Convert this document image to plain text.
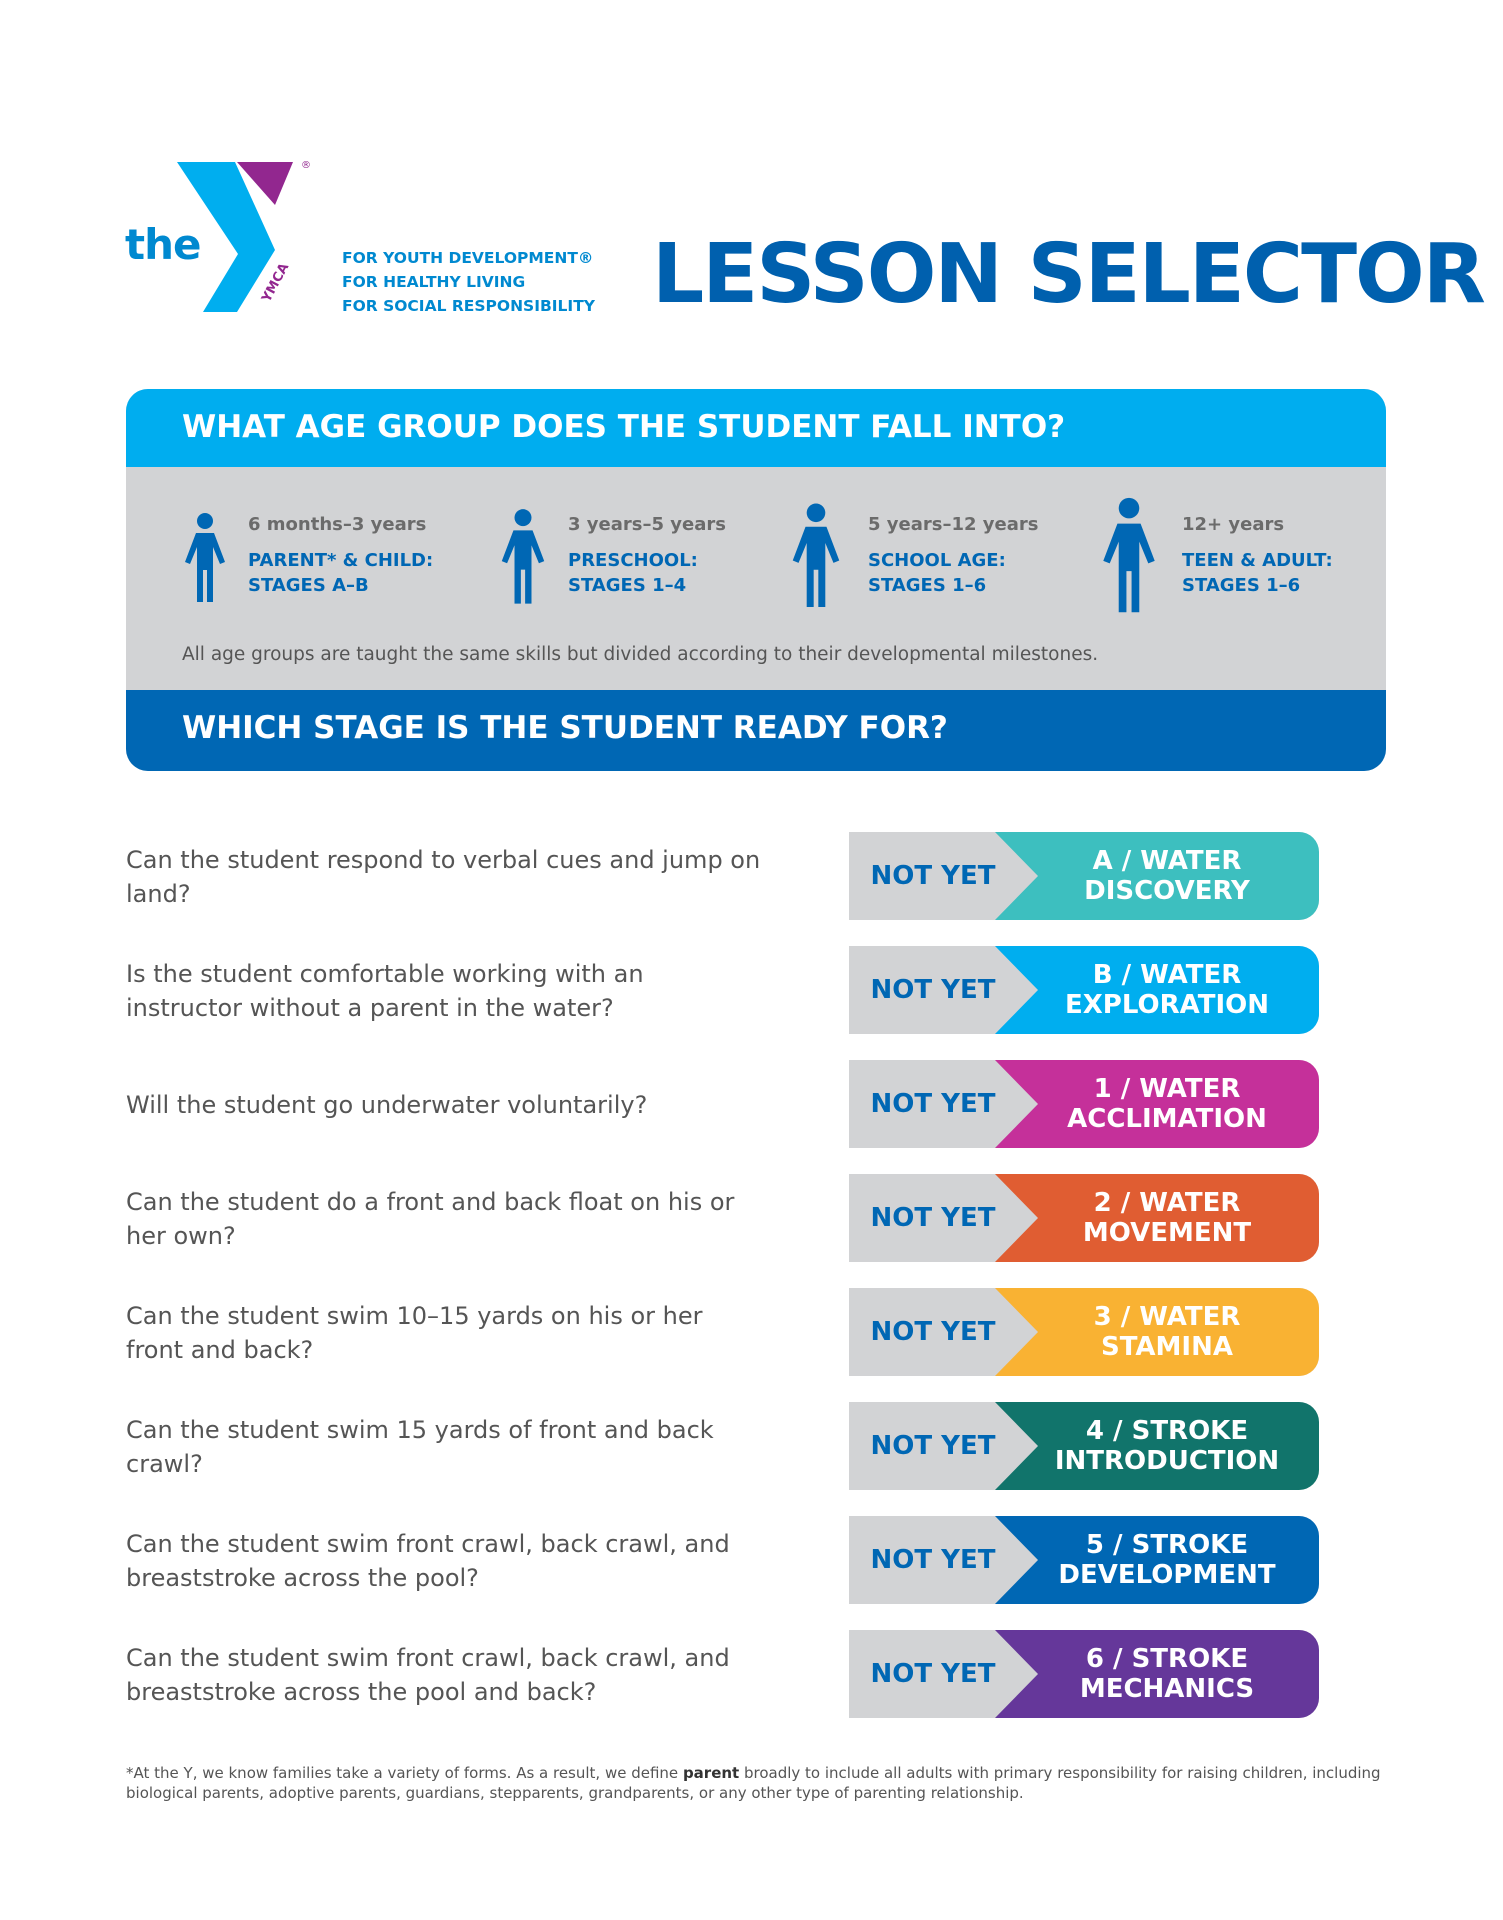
the
®
YMCA
FOR YOUTH DEVELOPMENT®
FOR HEALTHY LIVING
FOR SOCIAL RESPONSIBILITY LESSON SELECTOR
WHAT AGE GROUP DOES THE STUDENT FALL INTO?
6 months–3 years
PARENT* & CHILD:
STAGES A–B
3 years–5 years
PRESCHOOL:
STAGES 1–4
5 years–12 years
SCHOOL AGE:
STAGES 1–6
12+ years
TEEN & ADULT:
STAGES 1–6
All age groups are taught the same skills but divided according to their developmental milestones.
WHICH STAGE IS THE STUDENT READY FOR?
Can the student respond to verbal cues and jump on land?
NOT YET	A / WATER
DISCOVERY
Is the student comfortable working with an instructor without a parent in the water?
NOT YET	B / WATER
EXPLORATION
Will the student go underwater voluntarily?	NOT YET	1 / WATER
ACCLIMATION
Can the student do a front and back float on his or her own?
NOT YET	2 / WATER
MOVEMENT
Can the student swim 10–15 yards on his or her front and back?
NOT YET	3 / WATER
STAMINA
Can the student swim 15 yards of front and back crawl?
NOT YET	4 / STROKE
INTRODUCTION
Can the student swim front crawl, back crawl, and breaststroke across the pool?
NOT YET	5 / STROKE
DEVELOPMENT
Can the student swim front crawl, back crawl, and breaststroke across the pool and back?
NOT YET	6 / STROKE
MECHANICS
*At the Y, we know families take a variety of forms. As a result, we define parent broadly to include all adults with primary responsibility for raising children, including biological parents, adoptive parents, guardians, stepparents, grandparents, or any other type of parenting relationship.
